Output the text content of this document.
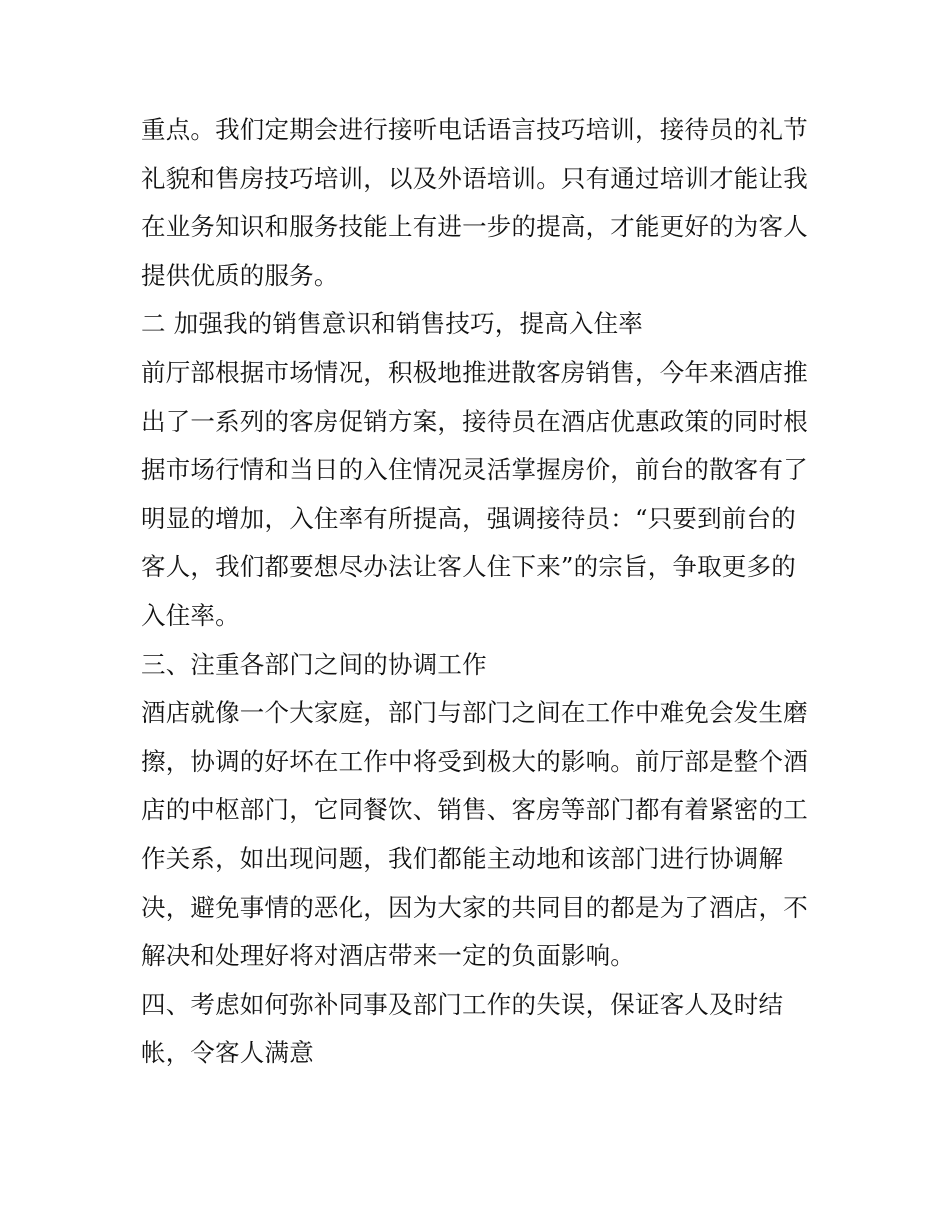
重点。我们定期会进行接听电话语言技巧培训，接待员的礼节
礼貌和售房技巧培训，以及外语培训。只有通过培训才能让我
在业务知识和服务技能上有进一步的提高，才能更好的为客人
提供优质的服务。
二 加强我的销售意识和销售技巧，提高入住率
前厅部根据市场情况，积极地推进散客房销售，今年来酒店推
出了一系列的客房促销方案，接待员在酒店优惠政策的同时根
据市场行情和当日的入住情况灵活掌握房价，前台的散客有了
明显的增加，入住率有所提高，强调接待员：“只要到前台的
客人，我们都要想尽办法让客人住下来”的宗旨，争取更多的
入住率。
三、注重各部门之间的协调工作
酒店就像一个大家庭，部门与部门之间在工作中难免会发生磨
擦，协调的好坏在工作中将受到极大的影响。前厅部是整个酒
店的中枢部门，它同餐饮、销售、客房等部门都有着紧密的工
作关系，如出现问题，我们都能主动地和该部门进行协调解
决，避免事情的恶化，因为大家的共同目的都是为了酒店，不
解决和处理好将对酒店带来一定的负面影响。
四、考虑如何弥补同事及部门工作的失误，保证客人及时结
帐，令客人满意
